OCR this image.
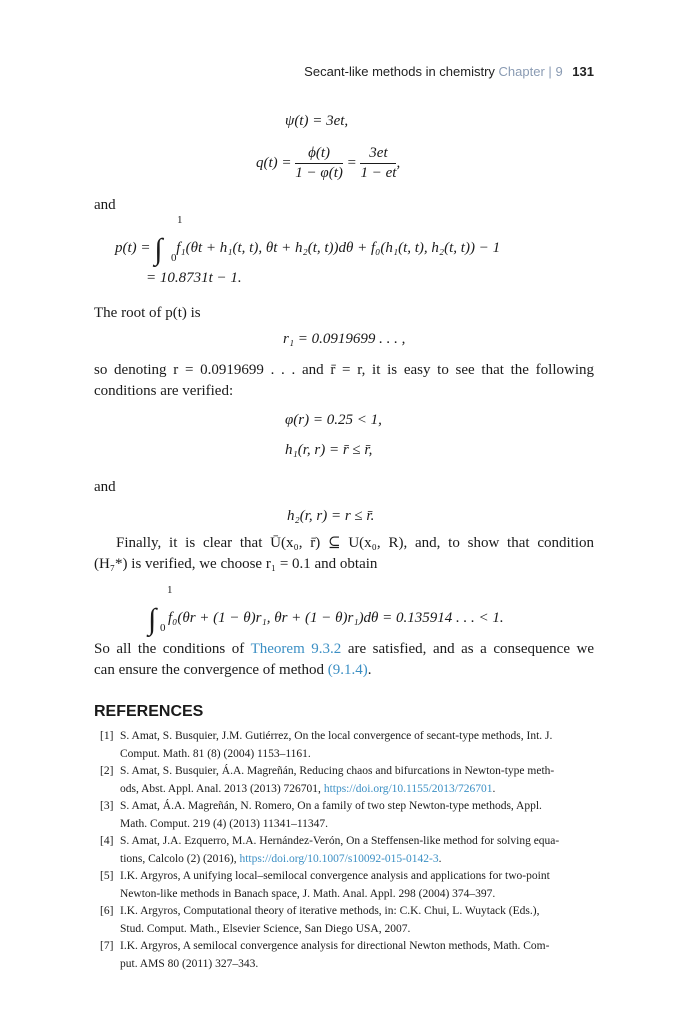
Secant-like methods in chemistry Chapter | 9 131
ψ(t) = 3et,
$q(t) = \frac{\phi(t)}{1 - \varphi(t)} = \frac{3et}{1 - et}$ ,
and
p(t) = ∫
1
0
f₁(θt + h₁(t, t), θt + h₂(t, t))dθ + f₀(h₁(t, t), h₂(t, t)) − 1
= 10.8731t − 1.
The root of p(t) is
r₁ = 0.0919699 . . . ,
so denoting r = 0.0919699 . . . and r̄ = r, it is easy to see that the following
conditions are verified:
φ(r) = 0.25 < 1,
h₁(r, r) = r̄ ≤ r̄,
and
h₂(r, r) = r ≤ r̄.
Finally, it is clear that Ū(x₀, r̄) ⊆ U(x₀, R), and, to show that condition
(H₇*) is verified, we choose r₁ = 0.1 and obtain
∫
1
0
f₀(θr + (1 − θ)r₁, θr + (1 − θ)r₁)dθ = 0.135914 . . . < 1.
So all the conditions of Theorem 9.3.2 are satisfied, and as a consequence we
can ensure the convergence of method (9.1.4).
REFERENCES
[1] S. Amat, S. Busquier, J.M. Gutiérrez, On the local convergence of secant-type methods, Int. J.
Comput. Math. 81 (8) (2004) 1153–1161.
[2] S. Amat, S. Busquier, Á.A. Magreñán, Reducing chaos and bifurcations in Newton-type meth-
ods, Abst. Appl. Anal. 2013 (2013) 726701, https://doi.org/10.1155/2013/726701.
[3] S. Amat, Á.A. Magreñán, N. Romero, On a family of two step Newton-type methods, Appl.
Math. Comput. 219 (4) (2013) 11341–11347.
[4] S. Amat, J.A. Ezquerro, M.A. Hernández-Verón, On a Steffensen-like method for solving equa-
tions, Calcolo (2) (2016), https://doi.org/10.1007/s10092-015-0142-3.
[5] I.K. Argyros, A unifying local–semilocal convergence analysis and applications for two-point
Newton-like methods in Banach space, J. Math. Anal. Appl. 298 (2004) 374–397.
[6] I.K. Argyros, Computational theory of iterative methods, in: C.K. Chui, L. Wuytack (Eds.),
Stud. Comput. Math., Elsevier Science, San Diego USA, 2007.
[7] I.K. Argyros, A semilocal convergence analysis for directional Newton methods, Math. Com-
put. AMS 80 (2011) 327–343.
